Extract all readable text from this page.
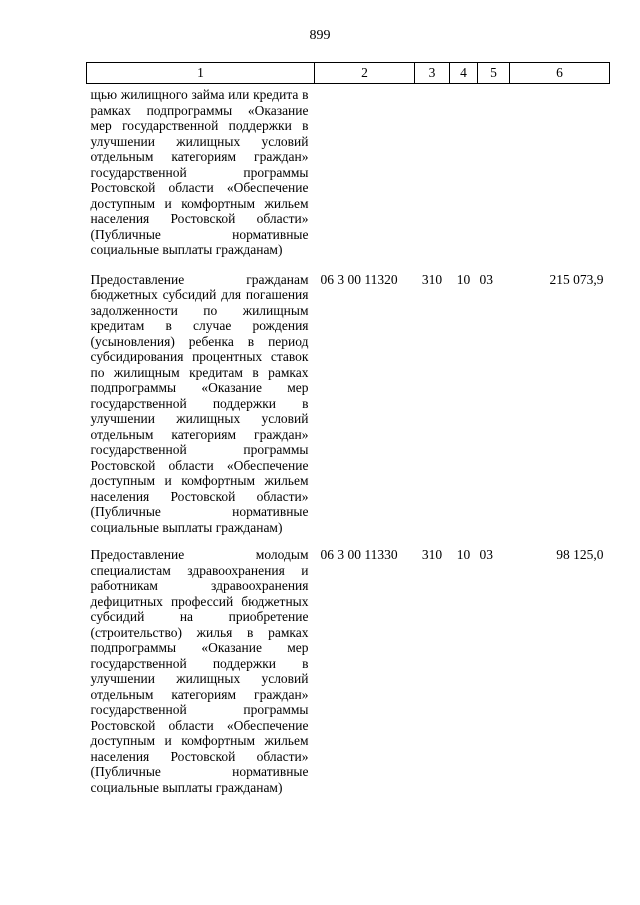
899
1	2	3	4	5	6

щью жилищного займа или кредита в рамках подпрограммы «Оказание мер государственной поддержки в улучшении жилищных условий отдельным категориям граждан» государственной программы Ростовской области «Обеспечение доступным и комфортным жильем населения Ростовской области» (Публичные нормативные социальные выплаты гражданам)					

Предоставление гражданам бюджетных субсидий для погашения задолженности по жилищным кредитам в случае рождения (усыновления) ребенка в период субсидирования процентных ставок по жилищным кредитам в рамках подпрограммы «Оказание мер государственной поддержки в улучшении жилищных условий отдельным категориям граждан» государственной программы Ростовской области «Обеспечение доступным и комфортным жильем населения Ростовской области» (Публичные нормативные социальные выплаты гражданам)	06 3 00 11320	310	10	03	215 073,9

Предоставление молодым специалистам здравоохранения и работникам здравоохранения дефицитных профессий бюджетных субсидий на приобретение (строительство) жилья в рамках подпрограммы «Оказание мер государственной поддержки в улучшении жилищных условий отдельным категориям граждан» государственной программы Ростовской области «Обеспечение доступным и комфортным жильем населения Ростовской области» (Публичные нормативные социальные выплаты гражданам)	06 3 00 11330	310	10	03	98 125,0
